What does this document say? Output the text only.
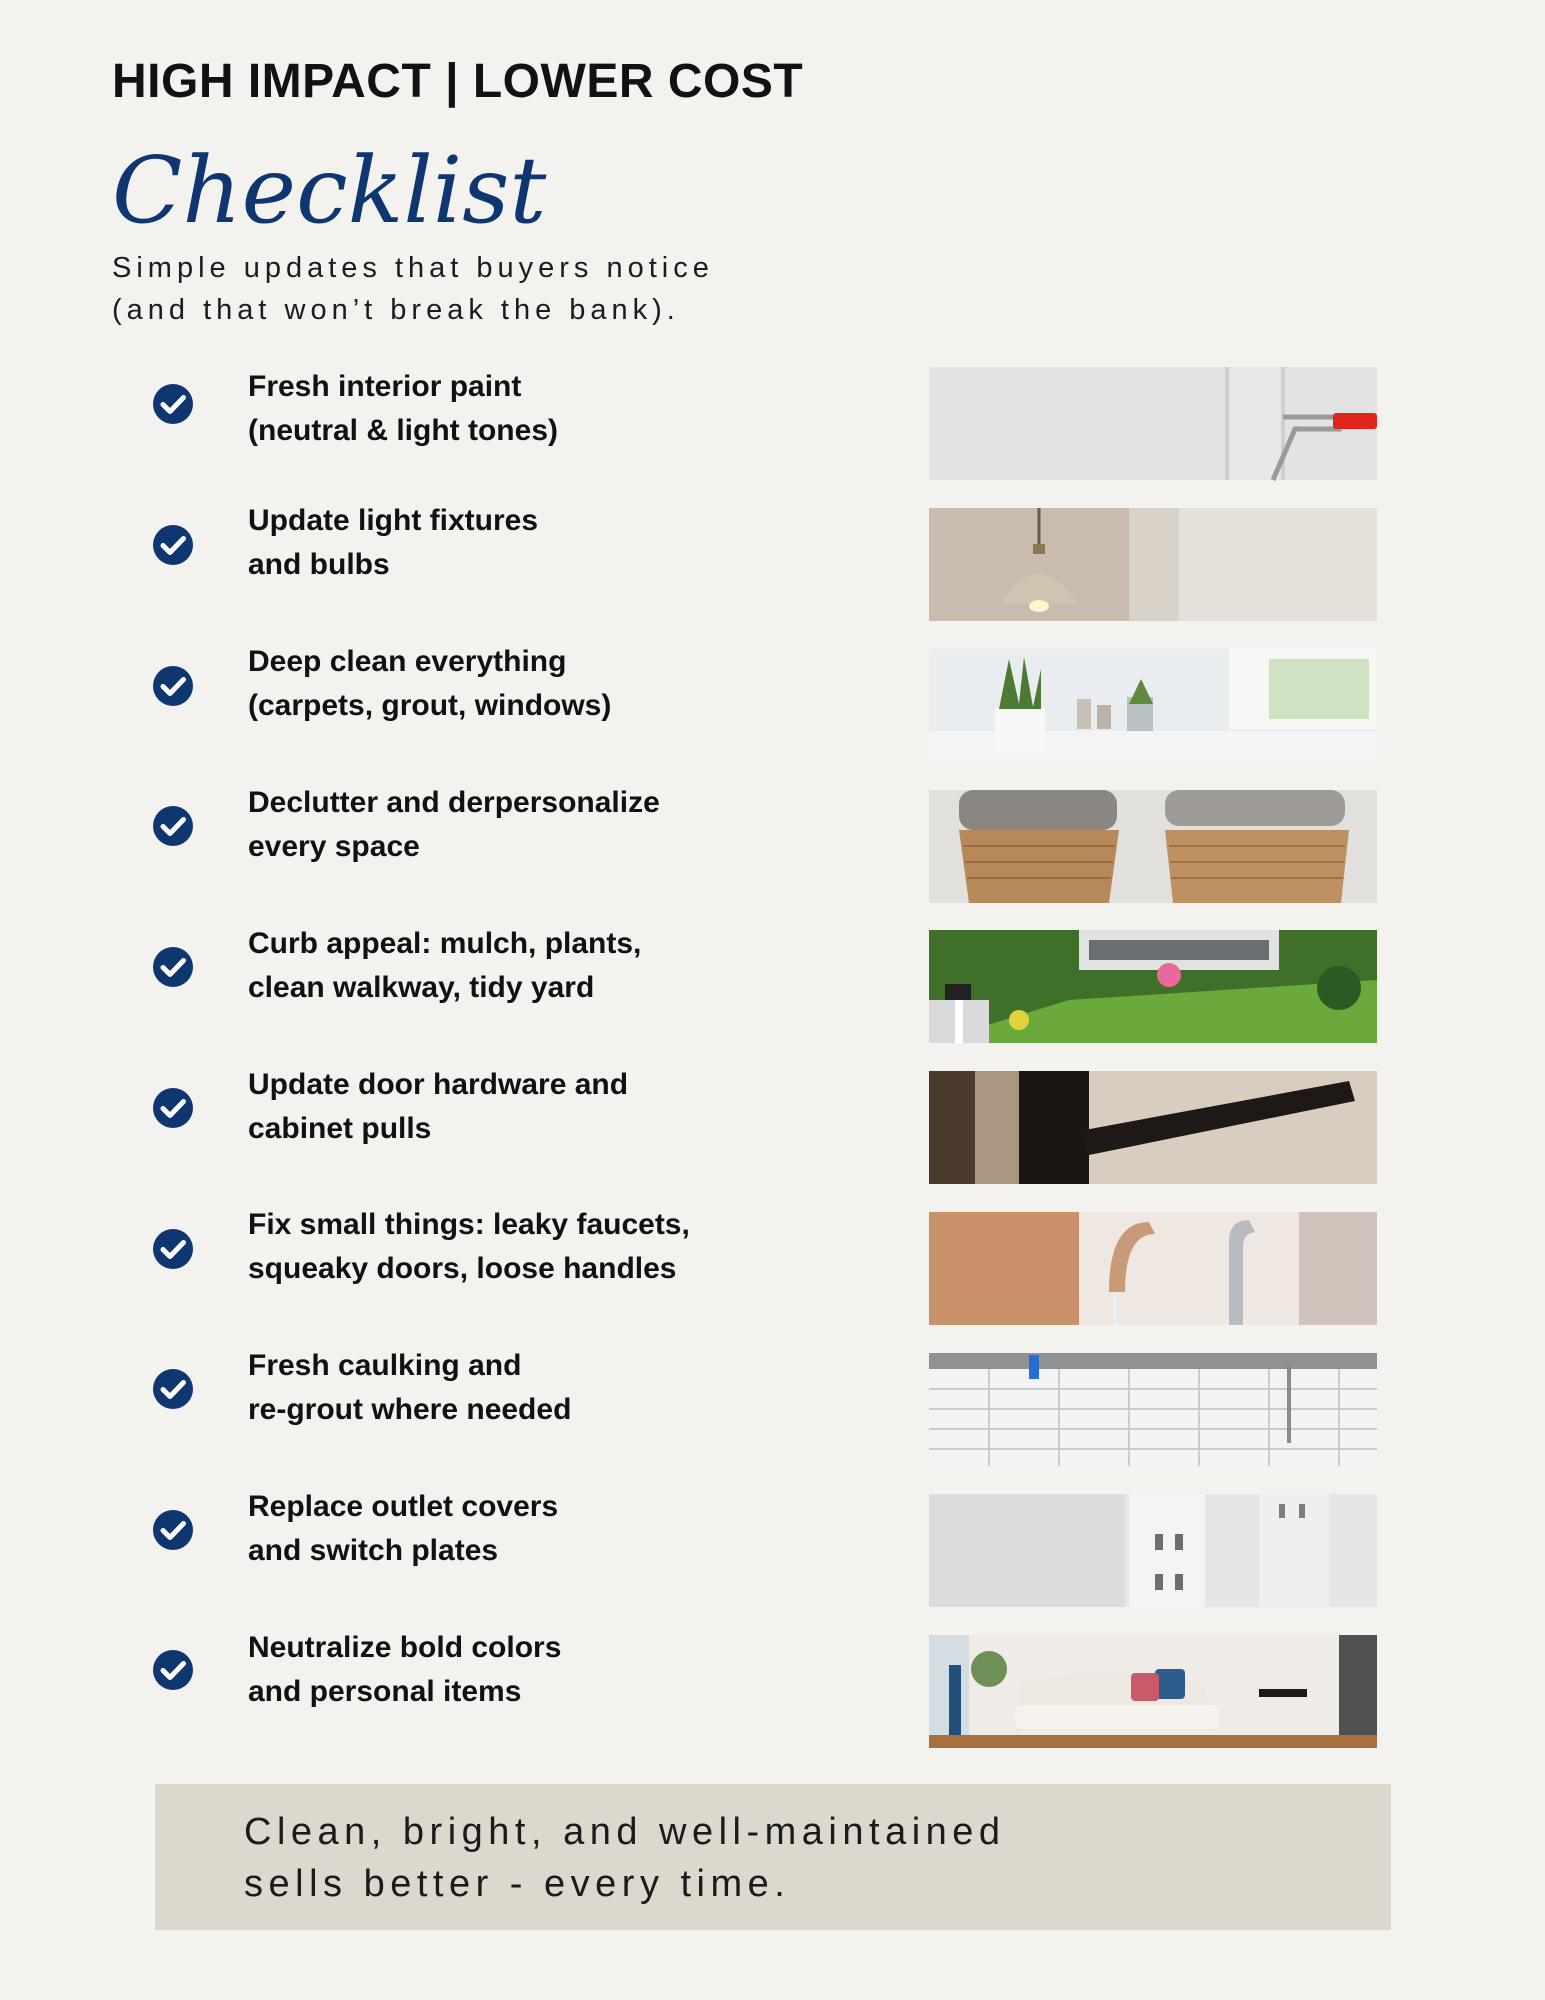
HIGH IMPACT | LOWER COST
Checklist
Simple updates that buyers notice
(and that won’t break the bank).
Fresh interior paint
(neutral & light tones)
Update light fixtures
and bulbs
Deep clean everything
(carpets, grout, windows)
Declutter and derpersonalize
every space
Curb appeal: mulch, plants,
clean walkway, tidy yard
Update door hardware and
cabinet pulls
Fix small things: leaky faucets,
squeaky doors, loose handles
Fresh caulking and
re-grout where needed
Replace outlet covers
and switch plates
Neutralize bold colors
and personal items
Clean, bright, and well-maintained
sells better - every time.
